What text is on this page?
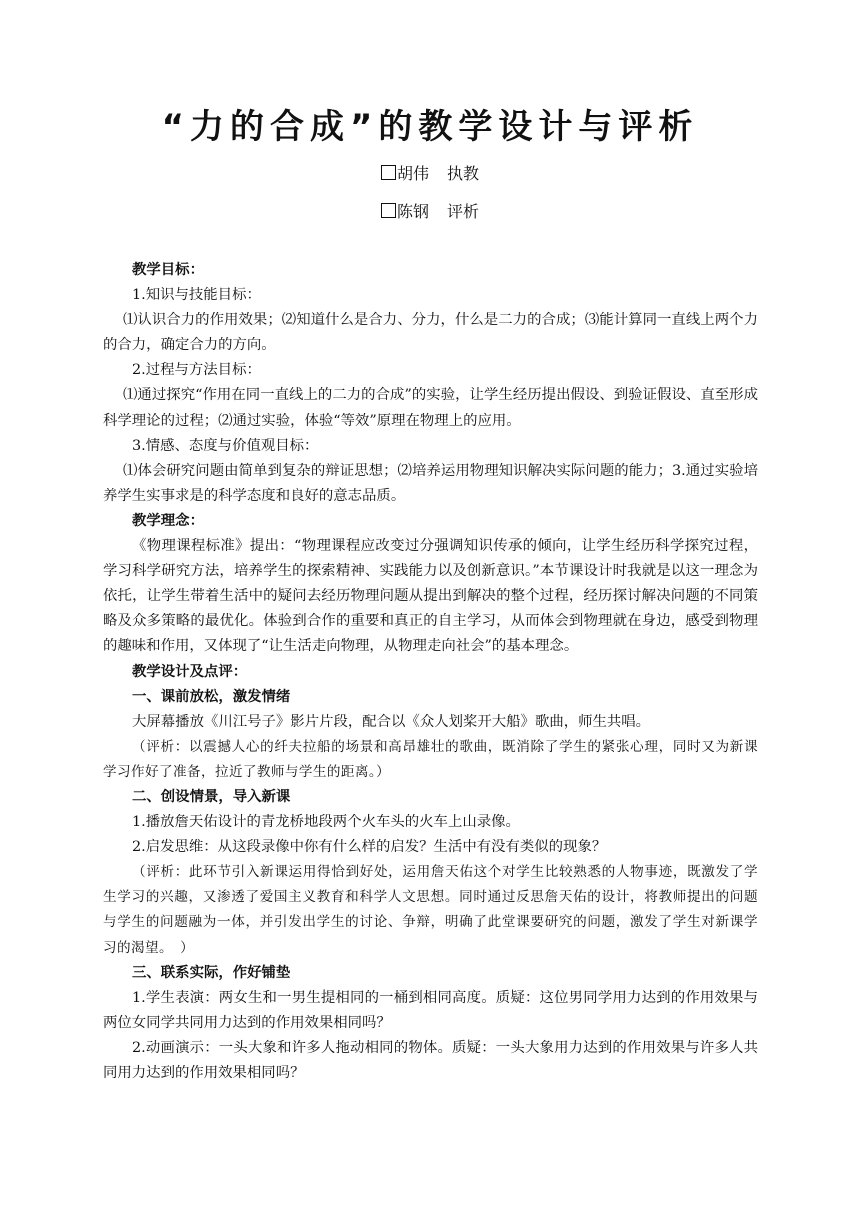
“力的合成”的教学设计与评析
胡伟 执教
陈钢 评析

教学目标：

1.知识与技能目标：

⑴认识合力的作用效果；⑵知道什么是合力、分力，什么是二力的合成；⑶能计算同一直线上两个力的合力，确定合力的方向。

2.过程与方法目标：

⑴通过探究“作用在同一直线上的二力的合成”的实验，让学生经历提出假设、到验证假设、直至形成科学理论的过程；⑵通过实验，体验“等效”原理在物理上的应用。

3.情感、态度与价值观目标：

⑴体会研究问题由简单到复杂的辩证思想；⑵培养运用物理知识解决实际问题的能力；3.通过实验培养学生实事求是的科学态度和良好的意志品质。

教学理念：

《物理课程标准》提出：“物理课程应改变过分强调知识传承的倾向，让学生经历科学探究过程，学习科学研究方法，培养学生的探索精神、实践能力以及创新意识。”本节课设计时我就是以这一理念为依托，让学生带着生活中的疑问去经历物理问题从提出到解决的整个过程，经历探讨解决问题的不同策略及众多策略的最优化。体验到合作的重要和真正的自主学习，从而体会到物理就在身边，感受到物理的趣味和作用，又体现了“让生活走向物理，从物理走向社会”的基本理念。

教学设计及点评：

一、课前放松，激发情绪

大屏幕播放《川江号子》影片片段，配合以《众人划桨开大船》歌曲，师生共唱。

（评析：以震撼人心的纤夫拉船的场景和高昂雄壮的歌曲，既消除了学生的紧张心理，同时又为新课学习作好了准备，拉近了教师与学生的距离。）

二、创设情景，导入新课

1.播放詹天佑设计的青龙桥地段两个火车头的火车上山录像。

2.启发思维：从这段录像中你有什么样的启发？生活中有没有类似的现象？

（评析：此环节引入新课运用得恰到好处，运用詹天佑这个对学生比较熟悉的人物事迹，既激发了学生学习的兴趣，又渗透了爱国主义教育和科学人文思想。同时通过反思詹天佑的设计，将教师提出的问题与学生的问题融为一体，并引发出学生的讨论、争辩，明确了此堂课要研究的问题，激发了学生对新课学习的渴望。　）

三、联系实际，作好铺垫

1.学生表演：两女生和一男生提相同的一桶到相同高度。质疑：这位男同学用力达到的作用效果与两位女同学共同用力达到的作用效果相同吗？

2.动画演示：一头大象和许多人拖动相同的物体。质疑：一头大象用力达到的作用效果与许多人共同用力达到的作用效果相同吗？
